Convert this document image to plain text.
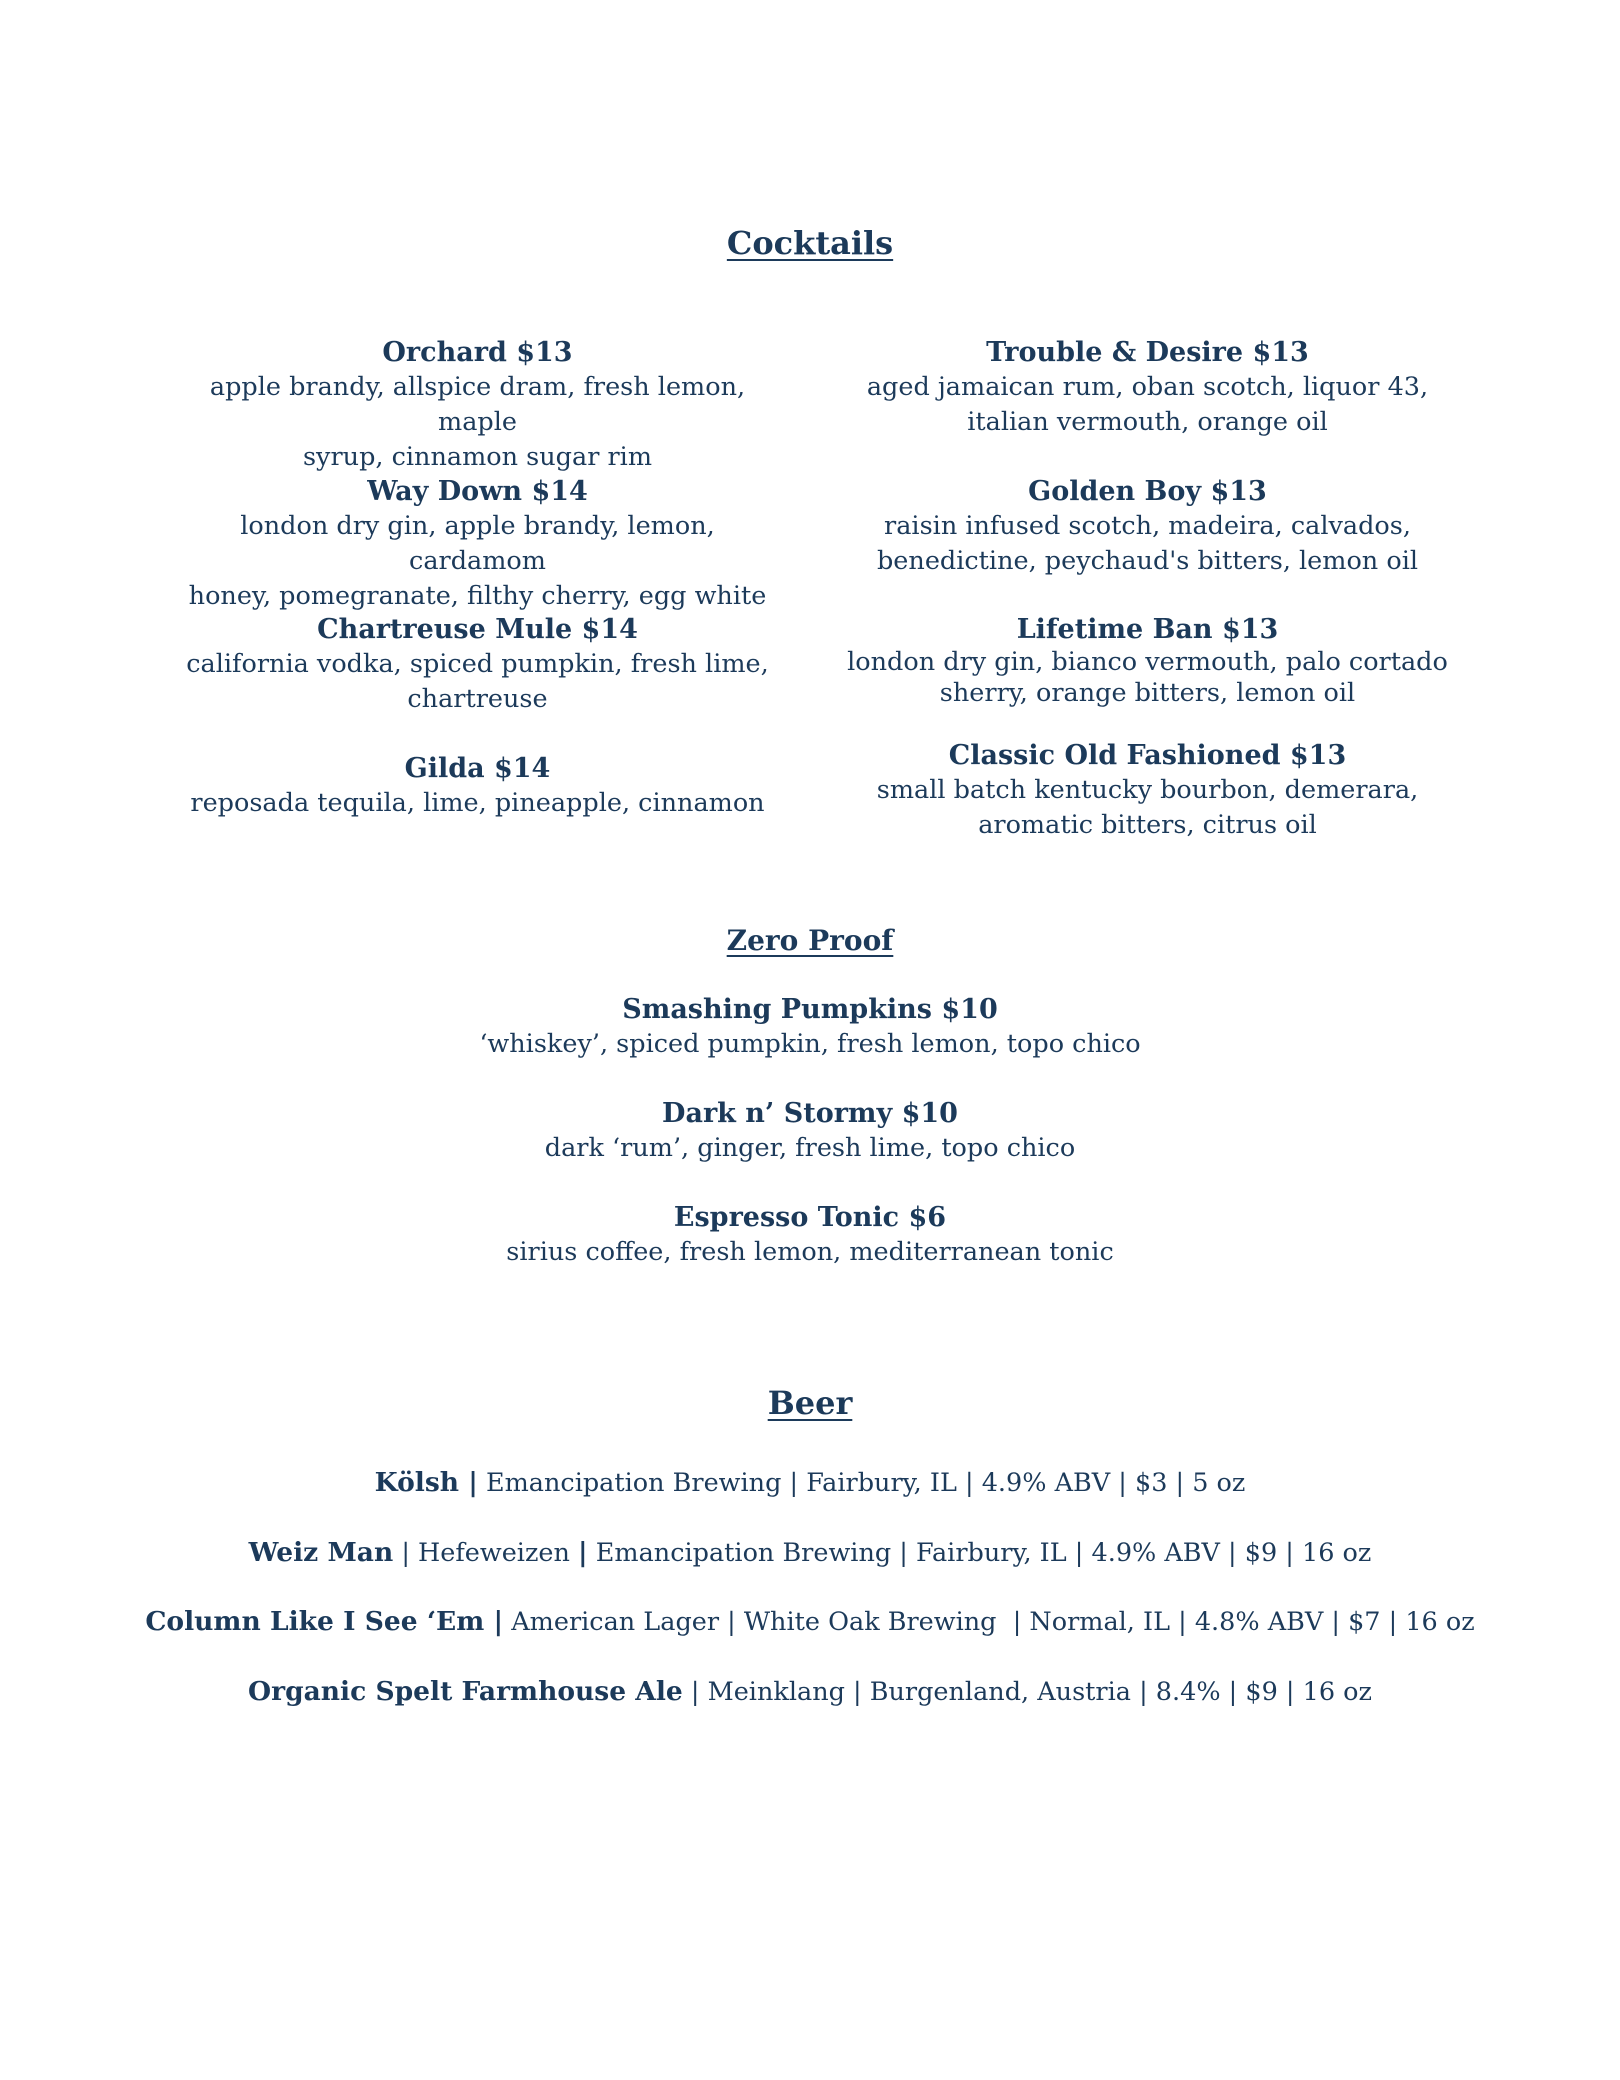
Cocktails
Orchard $13
apple brandy, allspice dram, fresh lemon, maple
syrup, cinnamon sugar rim
Way Down $14
london dry gin, apple brandy, lemon, cardamom
honey, pomegranate, filthy cherry, egg white
Chartreuse Mule $14
california vodka, spiced pumpkin, fresh lime,
chartreuse
Gilda $14
reposada tequila, lime, pineapple, cinnamon
Trouble & Desire $13
aged jamaican rum, oban scotch, liquor 43,
italian vermouth, orange oil
Golden Boy $13
raisin infused scotch, madeira, calvados,
benedictine, peychaud's bitters, lemon oil
Lifetime Ban $13
london dry gin, bianco vermouth, palo cortado
sherry, orange bitters, lemon oil
Classic Old Fashioned $13
small batch kentucky bourbon, demerara,
aromatic bitters, citrus oil
Zero Proof
Smashing Pumpkins $10
‘whiskey’, spiced pumpkin, fresh lemon, topo chico
Dark n’ Stormy $10
dark ‘rum’, ginger, fresh lime, topo chico
Espresso Tonic $6
sirius coffee, fresh lemon, mediterranean tonic
Beer
Kölsh | Emancipation Brewing | Fairbury, IL | 4.9% ABV | $3 | 5 oz
Weiz Man | Hefeweizen | Emancipation Brewing | Fairbury, IL | 4.9% ABV | $9 | 16 oz
Column Like I See ‘Em | American Lager | White Oak Brewing  | Normal, IL | 4.8% ABV | $7 | 16 oz
Organic Spelt Farmhouse Ale | Meinklang | Burgenland, Austria | 8.4% | $9 | 16 oz
